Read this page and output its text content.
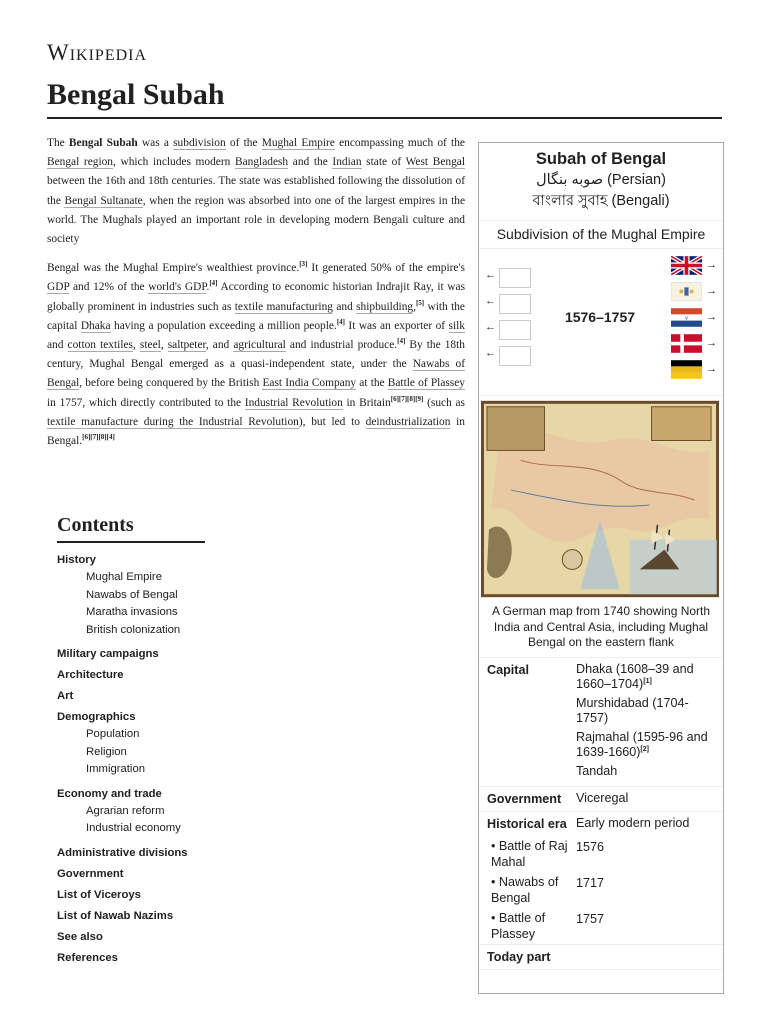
Wikipedia
Bengal Subah

The Bengal Subah was a subdivision of the Mughal Empire encompassing much of the Bengal region, which includes modern Bangladesh and the Indian state of West Bengal between the 16th and 18th centuries. The state was established following the dissolution of the Bengal Sultanate, when the region was absorbed into one of the largest empires in the world. The Mughals played an important role in developing modern Bengali culture and society

Bengal was the Mughal Empire's wealthiest province.[3] It generated 50% of the empire's GDP and 12% of the world's GDP.[4] According to economic historian Indrajit Ray, it was globally prominent in industries such as textile manufacturing and shipbuilding,[5] with the capital Dhaka having a population exceeding a million people.[4] It was an exporter of silk and cotton textiles, steel, saltpeter, and agricultural and industrial produce.[4] By the 18th century, Mughal Bengal emerged as a quasi-independent state, under the Nawabs of Bengal, before being conquered by the British East India Company at the Battle of Plassey in 1757, which directly contributed to the Industrial Revolution in Britain[6][7][8][9] (such as textile manufacture during the Industrial Revolution), but led to deindustrialization in Bengal.[6][7][8][4]

Contents
History
Mughal Empire
Nawabs of Bengal
Maratha invasions
British colonization
Military campaigns
Architecture
Art
Demographics
Population
Religion
Immigration
Economy and trade
Agrarian reform
Industrial economy
Administrative divisions
Government
List of Viceroys
List of Nawab Nazims
See also
References
Subah of Bengal
صوبه بنگال (Persian)
বাংলার সুবাহ (Bengali)
Subdivision of the Mughal Empire
←
←
←
←
1576–1757	v
→
→
→
→
→
A German map from 1740 showing North India and Central Asia, including Mughal Bengal on the eastern flank
Capital	Dhaka (1608–39 and 1660–1704)[1]
Murshidabad (1704-1757)
Rajmahal (1595-96 and 1639-1660)[2]
Tandah
Government	Viceregal
Historical era Early modern period
• Battle of Raj Mahal
1576
• Nawabs of Bengal
1717
• Battle of Plassey
1757
Today part
